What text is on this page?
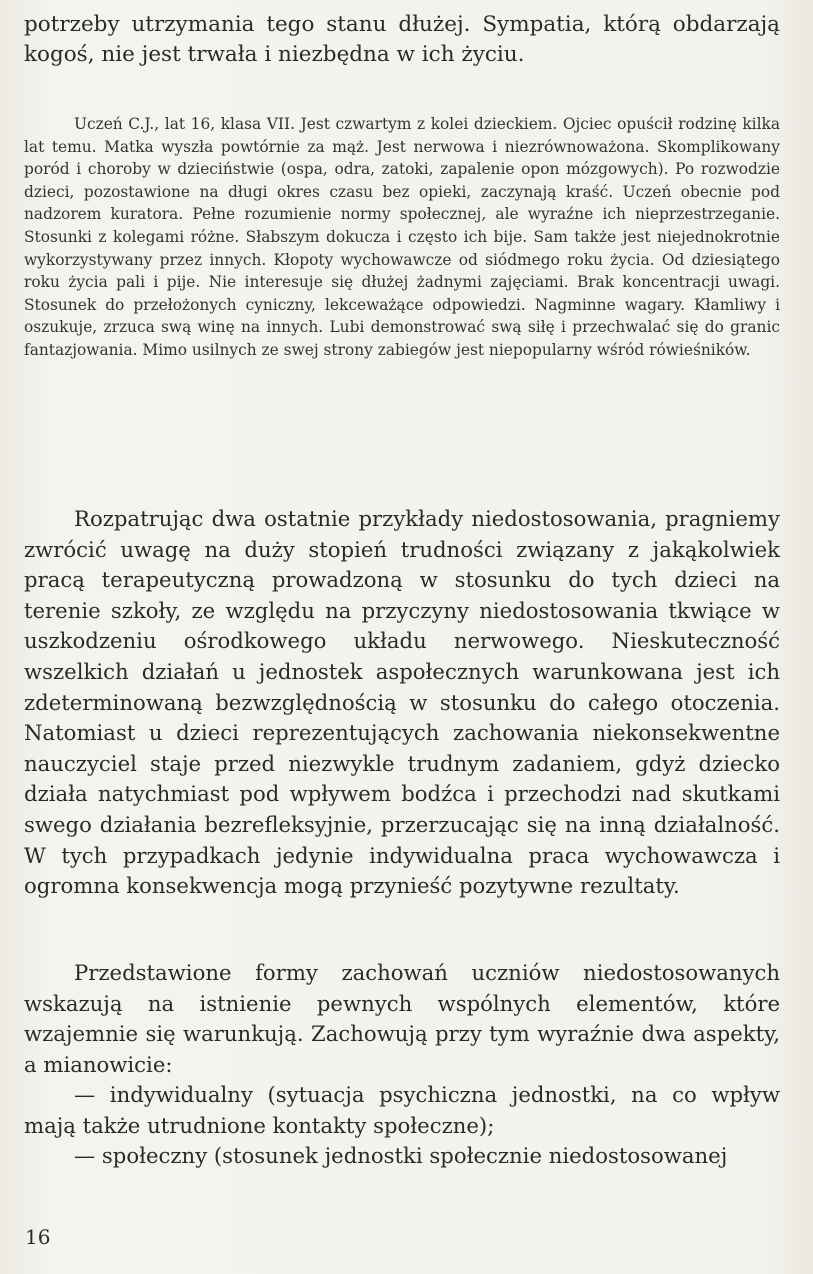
potrzeby utrzymania tego stanu dłużej. Sympatia, którą obdarzają kogoś, nie jest trwała i niezbędna w ich życiu.

Uczeń C.J., lat 16, klasa VII. Jest czwartym z kolei dzieckiem. Ojciec opuścił rodzinę kilka lat temu. Matka wyszła powtórnie za mąż. Jest nerwowa i niezrównoważona. Skomplikowany poród i choroby w dzieciństwie (ospa, odra, zatoki, zapalenie opon mózgowych). Po rozwodzie dzieci, pozostawione na długi okres czasu bez opieki, zaczynają kraść. Uczeń obecnie pod nadzorem kuratora. Pełne rozumienie normy społecznej, ale wyraźne ich nieprzestrzeganie. Stosunki z kolegami różne. Słabszym dokucza i często ich bije. Sam także jest niejednokrotnie wykorzystywany przez innych. Kłopoty wychowawcze od siódmego roku życia. Od dziesiątego roku życia pali i pije. Nie interesuje się dłużej żadnymi zajęciami. Brak koncentracji uwagi. Stosunek do przełożonych cyniczny, lekceważące odpowiedzi. Nagminne wagary. Kłamliwy i oszukuje, zrzuca swą winę na innych. Lubi demonstrować swą siłę i przechwalać się do granic fantazjowania. Mimo usilnych ze swej strony zabiegów jest niepopularny wśród rówieśników.

Rozpatrując dwa ostatnie przykłady niedostosowania, pragniemy zwrócić uwagę na duży stopień trudności związany z jakąkolwiek pracą terapeutyczną prowadzoną w stosunku do tych dzieci na terenie szkoły, ze względu na przyczyny niedostosowania tkwiące w uszkodzeniu ośrodkowego układu nerwowego. Nieskuteczność wszelkich działań u jednostek aspołecznych warunkowana jest ich zdeterminowaną bezwzględnością w stosunku do całego otoczenia. Natomiast u dzieci reprezentujących zachowania niekonsekwentne nauczyciel staje przed niezwykle trudnym zadaniem, gdyż dziecko działa natychmiast pod wpływem bodźca i przechodzi nad skutkami swego działania bezrefleksyjnie, przerzucając się na inną działalność. W tych przypadkach jedynie indywidualna praca wychowawcza i ogromna konsekwencja mogą przynieść pozytywne rezultaty.

Przedstawione formy zachowań uczniów niedostosowanych wskazują na istnienie pewnych wspólnych elementów, które wzajemnie się warunkują. Zachowują przy tym wyraźnie dwa aspekty, a mianowicie:

— indywidualny (sytuacja psychiczna jednostki, na co wpływ mają także utrudnione kontakty społeczne);

— społeczny (stosunek jednostki społecznie niedostosowanej

16
